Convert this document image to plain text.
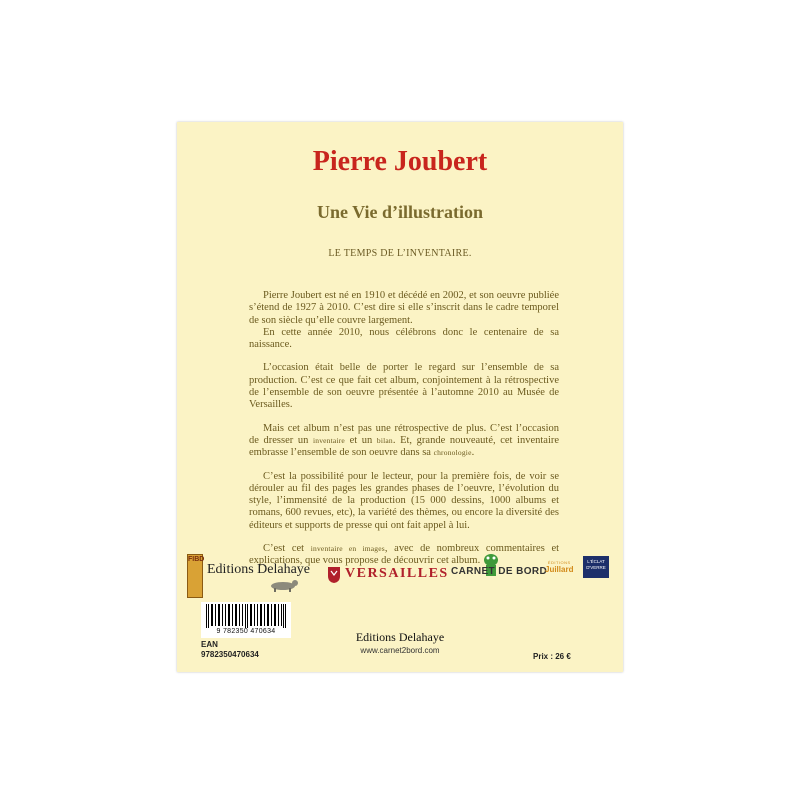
Pierre Joubert
Une Vie d’illustration
LE TEMPS DE L’INVENTAIRE.

Pierre Joubert est né en 1910 et décédé en 2002, et son oeuvre publiée s’étend de 1927 à 2010. C’est dire si elle s’inscrit dans le cadre temporel de son siècle qu’elle couvre largement.

En cette année 2010, nous célébrons donc le centenaire de sa naissance.

L’occasion était belle de porter le regard sur l’ensemble de sa production. C’est ce que fait cet album, conjointement à la rétrospective de l’ensemble de son oeuvre présentée à l’automne 2010 au Musée de Versailles.

Mais cet album n’est pas une rétrospective de plus. C’est l’occasion de dresser un inventaire et un bilan. Et, grande nouveauté, cet inventaire embrasse l’ensemble de son oeuvre dans sa chronologie.

C’est la possibilité pour le lecteur, pour la première fois, de voir se dérouler au fil des pages les grandes phases de l’oeuvre, l’évolution du style, l’immensité de la production (15 000 dessins, 1000 albums et romans, 600 revues, etc), la variété des thèmes, ou encore la diversité des éditeurs et supports de presse qui ont fait appel à lui.

C’est cet inventaire en images, avec de nombreux commentaires et explications, que vous propose de découvrir cet album.

FIBD
Editions Delahaye VERSAILLES CARNET DE BORD
ÉDITIONS
Juillard
L'ÉCLAT
D'VERRE
9 782350 470634
EAN
9782350470634
Editions Delahaye
www.carnet2bord.com
Prix : 26 €
